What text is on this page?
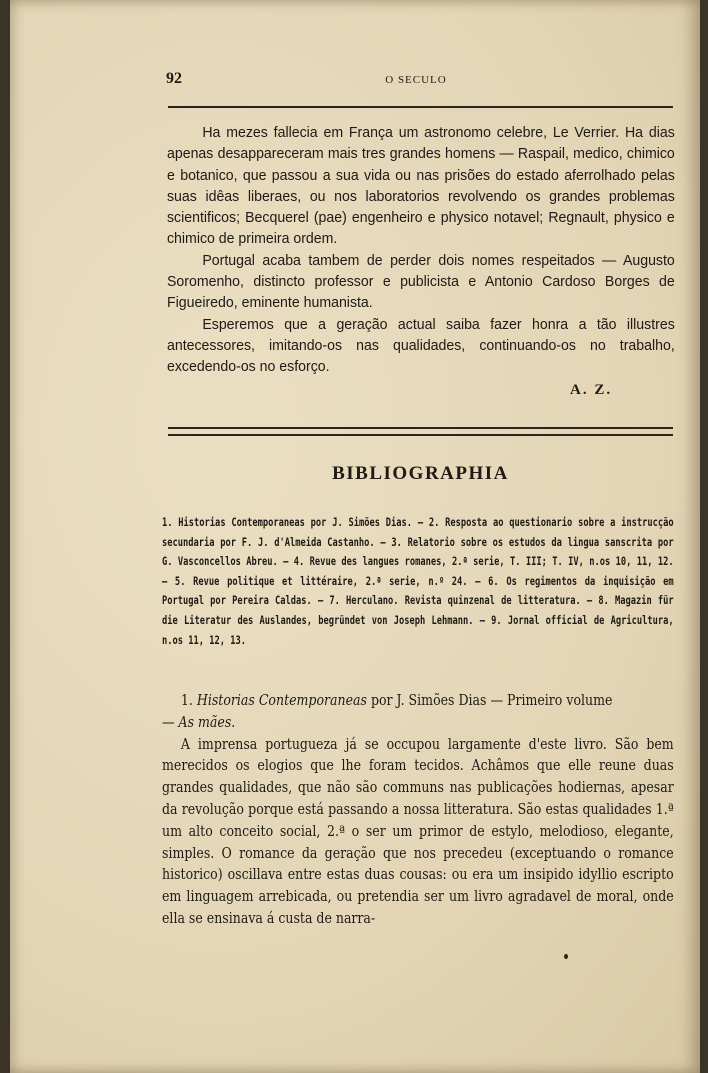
92	O SECULO

Ha mezes fallecia em França um astronomo celebre, Le Verrier. Ha dias apenas desappareceram mais tres grandes homens — Raspail, medico, chimico e botanico, que passou a sua vida ou nas prisões do estado aferrolhado pelas suas idêas liberaes, ou nos laboratorios revolvendo os grandes problemas scientificos; Becquerel (pae) engenheiro e physico notavel; Regnault, physico e chimico de primeira ordem.

Portugal acaba tambem de perder dois nomes respeitados — Augusto Soromenho, distincto professor e publicista e Antonio Cardoso Borges de Figueiredo, eminente humanista.

Esperemos que a geração actual saiba fazer honra a tão illustres antecessores, imitando-os nas qualidades, continuando-os no trabalho, excedendo-os no esforço.

A. Z.
BIBLIOGRAPHIA

1. Historias Contemporaneas por J. Simões Dias. — 2. Resposta ao questionario sobre a instrucção secundaria por F. J. d'Almeida Castanho. — 3. Relatorio sobre os estudos da lingua sanscrita por G. Vasconcellos Abreu. — 4. Revue des langues romanes, 2.ª serie, T. III; T. IV, n.os 10, 11, 12. — 5. Revue politique et littéraire, 2.ª serie, n.º 24. — 6. Os regimentos da inquisição em Portugal por Pereira Caldas. — 7. Herculano. Revista quinzenal de litteratura. — 8. Magazin für die Literatur des Auslandes, begründet von Joseph Lehmann. — 9. Jornal official de Agricultura, n.os 11, 12, 13.

1. Historias Contemporaneas por J. Simões Dias — Primeiro volume

— As mães.

A imprensa portugueza já se occupou largamente d'este livro. São bem merecidos os elogios que lhe foram tecidos. Achâmos que elle reune duas grandes qualidades, que não são communs nas publicações hodiernas, apesar da revolução porque está passando a nossa litteratura. São estas qualidades 1.ª um alto conceito social, 2.ª o ser um primor de estylo, melodioso, elegante, simples. O romance da geração que nos precedeu (exceptuando o romance historico) oscillava entre estas duas cousas: ou era um insipido idyllio escripto em linguagem arrebicada, ou pretendia ser um livro agradavel de moral, onde ella se ensinava á custa de narra-
